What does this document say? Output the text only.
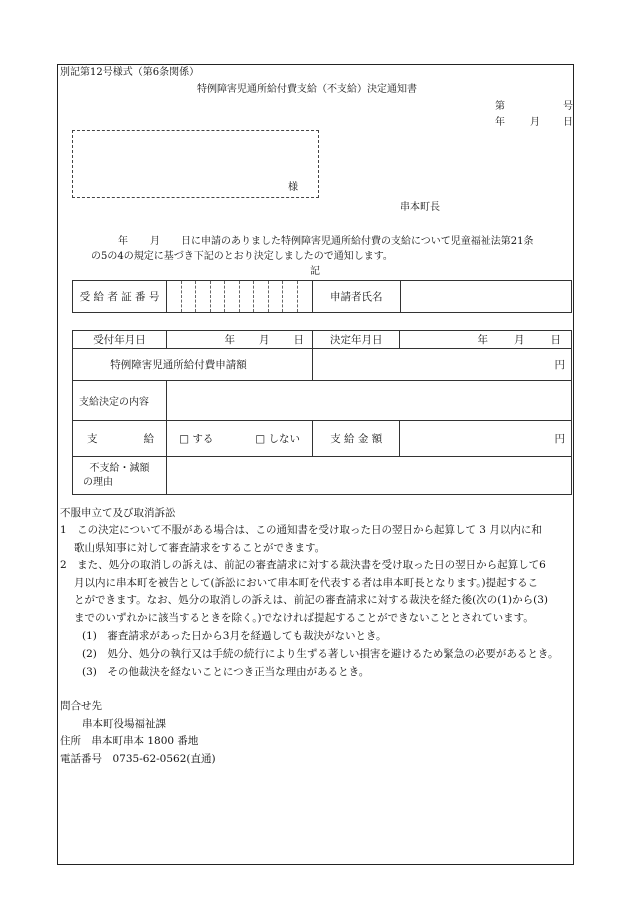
別記第12号様式（第6条関係）
特例障害児通所給付費支給（不支給）決定通知書
第	号
年	月 日
様
串本町長
年 月 日に申請のありました特例障害児通所給付費の支給について児童福祉法第21条
の5の4の規定に基づき下記のとおり決定しましたので通知します。
記
受 給 者 証 番 号		申請者氏名	
受付年月日	年 月 日	決定年月日	年 月 日

特例障害児通所給付費申請額		円	
支給決定の内容			

支 給	□ する □ しない	支 給 金 額	円

不支給・減額
の理由			

不服申立て及び取消訴訟
1　この決定について不服がある場合は、この通知書を受け取った日の翌日から起算して 3 月以内に和
歌山県知事に対して審査請求をすることができます。
2　また、処分の取消しの訴えは、前記の審査請求に対する裁決書を受け取った日の翌日から起算して6
月以内に串本町を被告として(訴訟において串本町を代表する者は串本町長となります。)提起するこ
とができます。なお、処分の取消しの訴えは、前記の審査請求に対する裁決を経た後(次の(1)から(3)
までのいずれかに該当するときを除く。)でなければ提起することができないこととされています。
(1)　審査請求があった日から3月を経過しても裁決がないとき。
(2)　処分、処分の執行又は手続の続行により生ずる著しい損害を避けるため緊急の必要があるとき。
(3)　その他裁決を経ないことにつき正当な理由があるとき。
問合せ先
串本町役場福祉課
住所　串本町串本 1800 番地
電話番号　0735-62-0562(直通)
